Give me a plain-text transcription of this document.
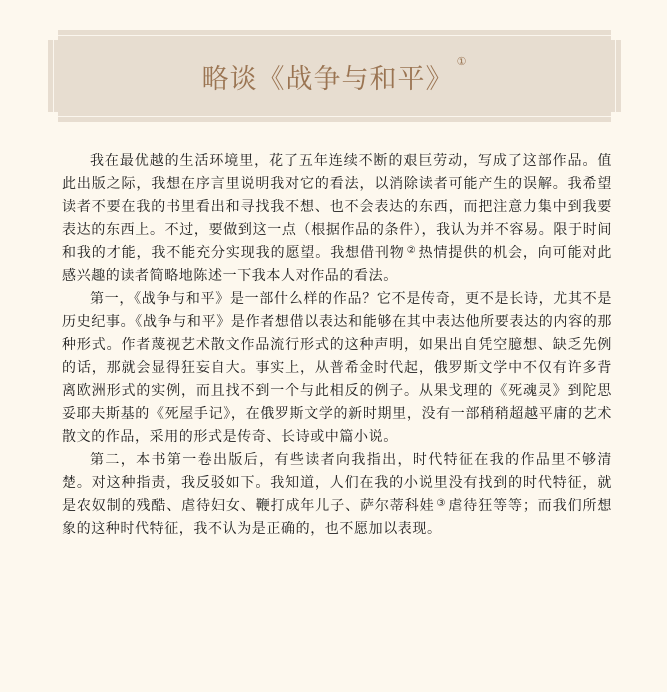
略谈《战争与和平》①

我在最优越的生活环境里，花了五年连续不断的艰巨劳动，写成了这部作品。值此出版之际，我想在序言里说明我对它的看法，以消除读者可能产生的误解。我希望读者不要在我的书里看出和寻找我不想、也不会表达的东西，而把注意力集中到我要表达的东西上。不过，要做到这一点（根据作品的条件），我认为并不容易。限于时间和我的才能，我不能充分实现我的愿望。我想借刊物 ② 热情提供的机会，向可能对此感兴趣的读者简略地陈述一下我本人对作品的看法。

第一，《战争与和平》是一部什么样的作品？它不是传奇，更不是长诗，尤其不是历史纪事。《战争与和平》是作者想借以表达和能够在其中表达他所要表达的内容的那种形式。作者蔑视艺术散文作品流行形式的这种声明，如果出自凭空臆想、缺乏先例的话，那就会显得狂妄自大。事实上，从普希金时代起，俄罗斯文学中不仅有许多背离欧洲形式的实例，而且找不到一个与此相反的例子。从果戈理的《死魂灵》到陀思妥耶夫斯基的《死屋手记》，在俄罗斯文学的新时期里，没有一部稍稍超越平庸的艺术散文的作品，采用的形式是传奇、长诗或中篇小说。

第二，本书第一卷出版后，有些读者向我指出，时代特征在我的作品里不够清楚。对这种指责，我反驳如下。我知道，人们在我的小说里没有找到的时代特征，就是农奴制的残酷、虐待妇女、鞭打成年儿子、萨尔蒂科娃 ③ 虐待狂等等；而我们所想象的这种时代特征，我不认为是正确的，也不愿加以表现。
